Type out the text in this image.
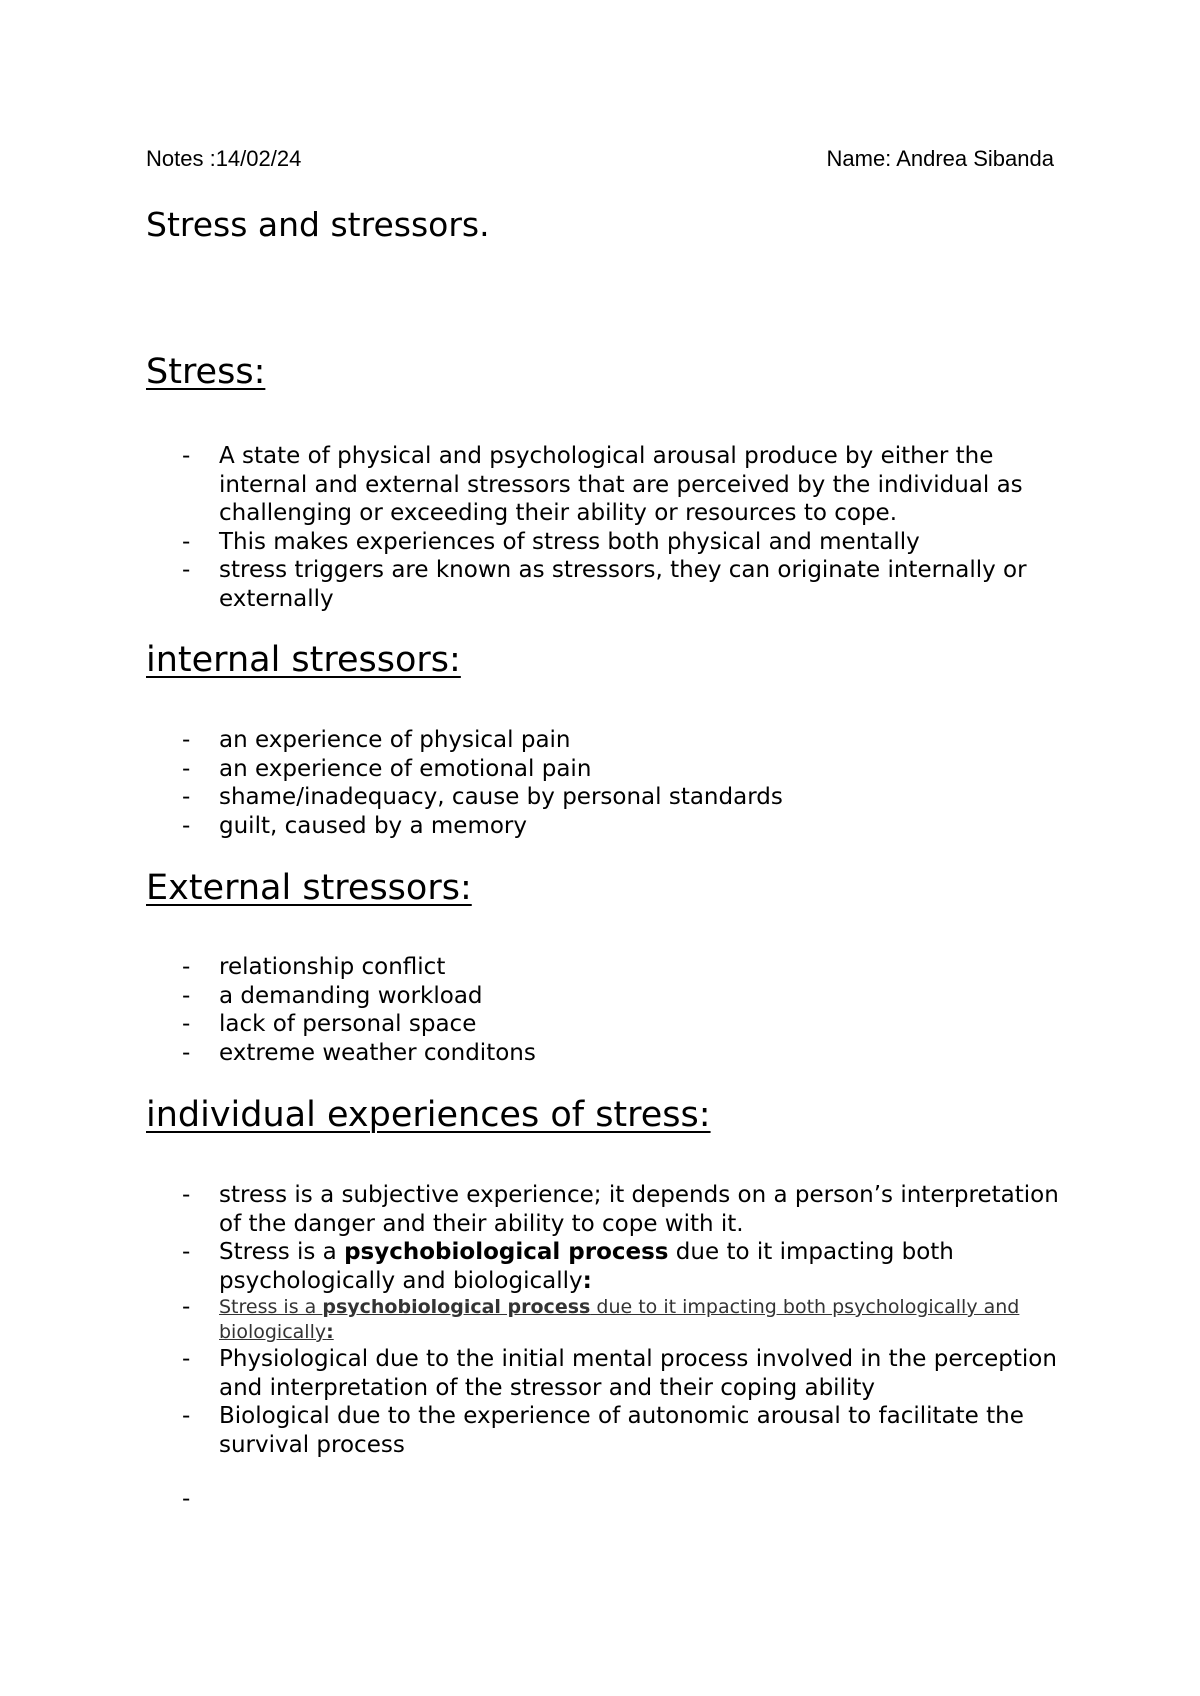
Notes :14/02/24	Name: Andrea Sibanda
Stress and stressors.
Stress:
- A state of physical and psychological arousal produce by either the internal and external stressors that are perceived by the individual as challenging or exceeding their ability or resources to cope.
- This makes experiences of stress both physical and mentally
- stress triggers are known as stressors, they can originate internally or externally
internal stressors:
- an experience of physical pain
- an experience of emotional pain
- shame/inadequacy, cause by personal standards
- guilt, caused by a memory
External stressors:
- relationship conflict
- a demanding workload
- lack of personal space
- extreme weather conditons
individual experiences of stress:
- stress is a subjective experience; it depends on a person’s interpretation of the danger and their ability to cope with it.
- Stress is a psychobiological process due to it impacting both psychologically and biologically:
- Stress is a psychobiological process due to it impacting both psychologically and biologically:
- Physiological due to the initial mental process involved in the perception and interpretation of the stressor and their coping ability
- Biological due to the experience of autonomic arousal to facilitate the survival process
-
